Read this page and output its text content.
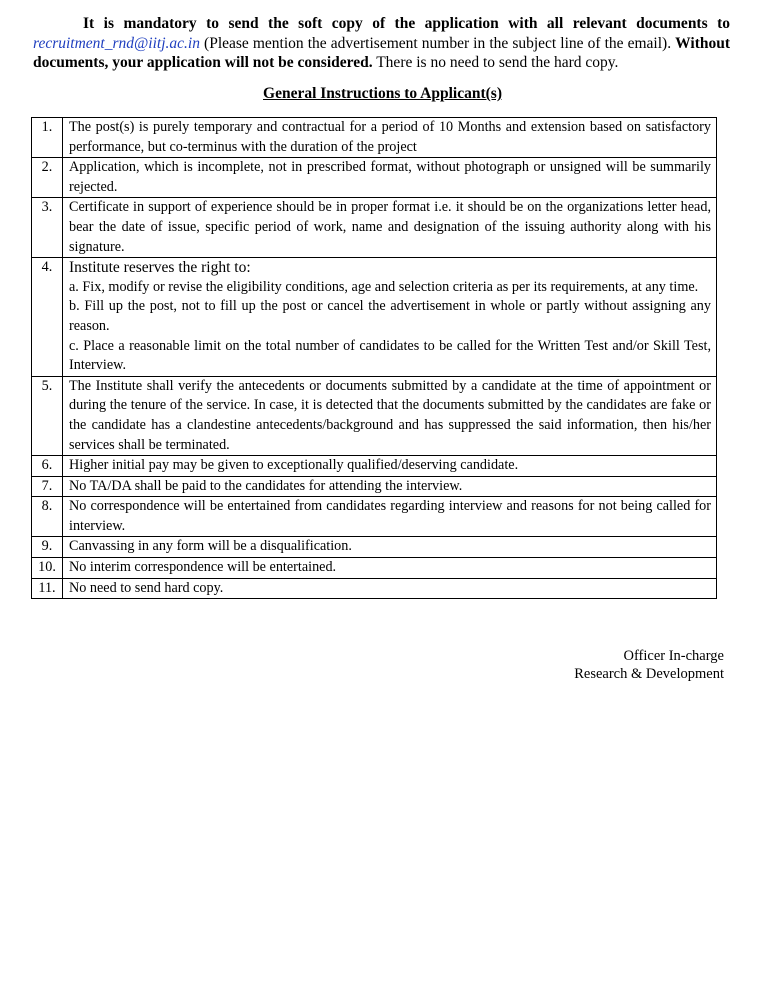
It is mandatory to send the soft copy of the application with all relevant documents to recruitment_rnd@iitj.ac.in (Please mention the advertisement number in the subject line of the email). Without documents, your application will not be considered. There is no need to send the hard copy.

General Instructions to Applicant(s)
1.	The post(s) is purely temporary and contractual for a period of 10 Months and extension based on satisfactory performance, but co-terminus with the duration of the project
2.	Application, which is incomplete, not in prescribed format, without photograph or unsigned will be summarily rejected.
3.	Certificate in support of experience should be in proper format i.e. it should be on the organizations letter head, bear the date of issue, specific period of work, name and designation of the issuing authority along with his signature.
4.	Institute reserves the right to:
a. Fix, modify or revise the eligibility conditions, age and selection criteria as per its requirements, at any time.
b. Fill up the post, not to fill up the post or cancel the advertisement in whole or partly without assigning any reason.
c. Place a reasonable limit on the total number of candidates to be called for the Written Test and/or Skill Test, Interview.

5.	The Institute shall verify the antecedents or documents submitted by a candidate at the time of appointment or during the tenure of the service. In case, it is detected that the documents submitted by the candidates are fake or the candidate has a clandestine antecedents/background and has suppressed the said information, then his/her services shall be terminated.
6.	Higher initial pay may be given to exceptionally qualified/deserving candidate.
7.	No TA/DA shall be paid to the candidates for attending the interview.
8.	No correspondence will be entertained from candidates regarding interview and reasons for not being called for interview.
9.	Canvassing in any form will be a disqualification.
10.	No interim correspondence will be entertained.
11.	No need to send hard copy.
Officer In-charge
Research & Development
